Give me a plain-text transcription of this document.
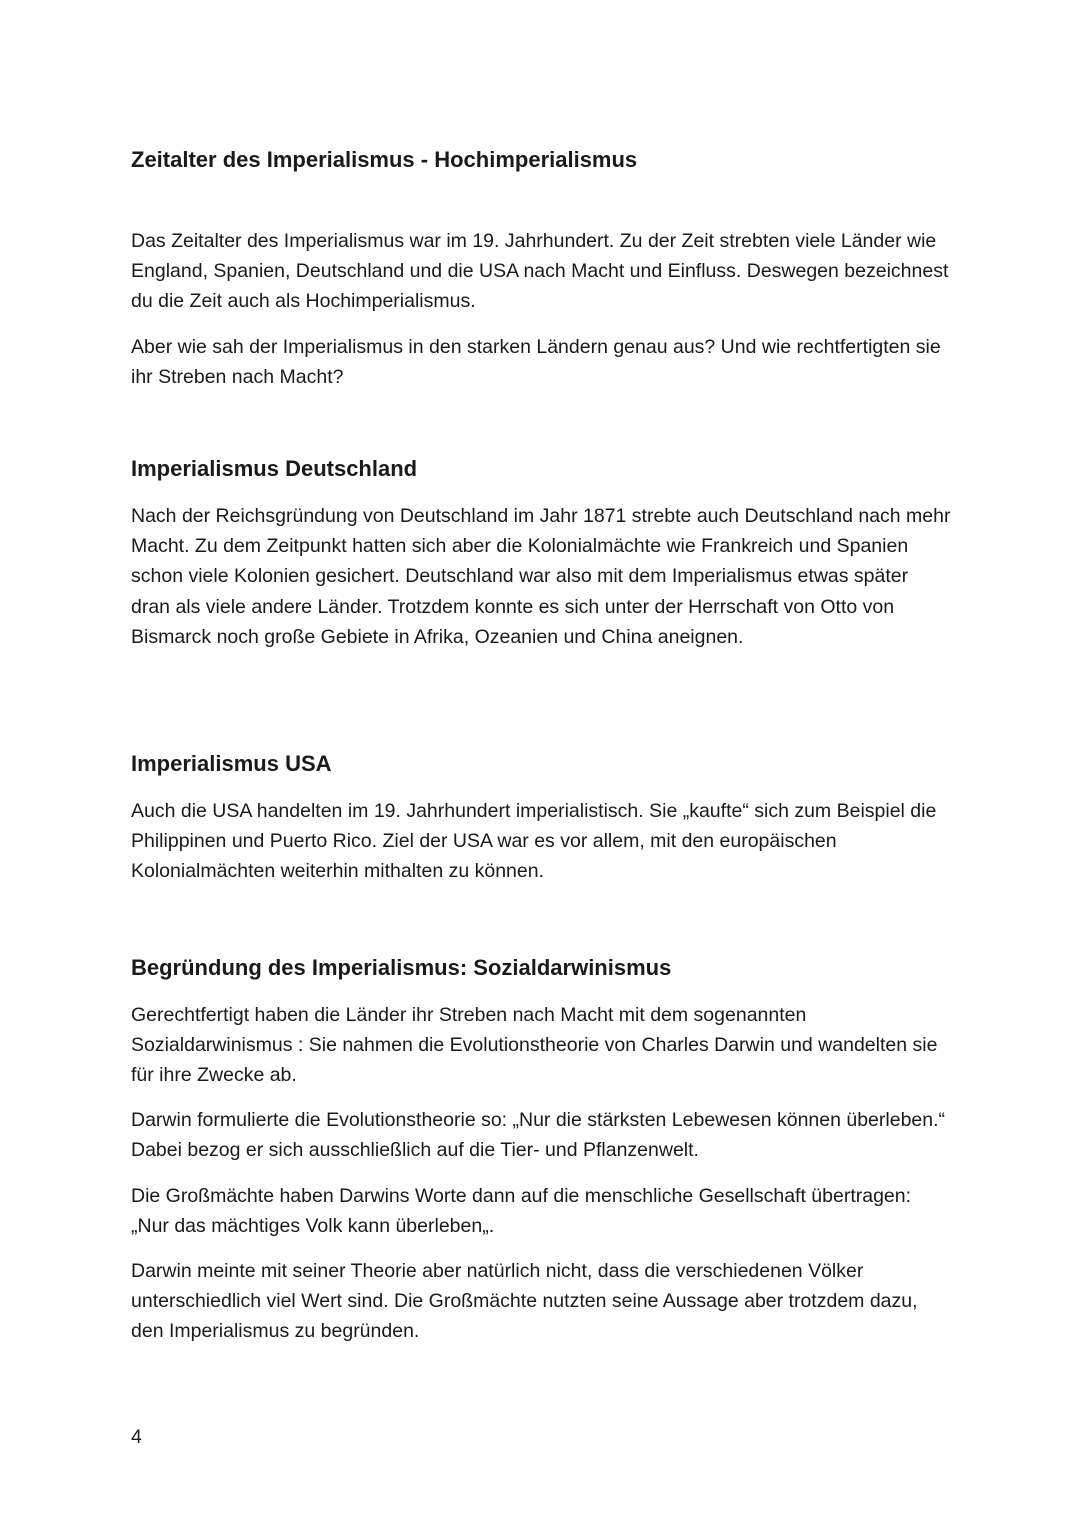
Zeitalter des Imperialismus - Hochimperialismus

Das Zeitalter des Imperialismus war im 19. Jahrhundert. Zu der Zeit strebten viele Länder wie England, Spanien, Deutschland und die USA nach Macht und Einfluss. Deswegen bezeichnest du die Zeit auch als Hochimperialismus.

Aber wie sah der Imperialismus in den starken Ländern genau aus? Und wie rechtfertigten sie ihr Streben nach Macht?

Imperialismus Deutschland

Nach der Reichsgründung von Deutschland im Jahr 1871 strebte auch Deutschland nach mehr Macht. Zu dem Zeitpunkt hatten sich aber die Kolonialmächte wie Frankreich und Spanien schon viele Kolonien gesichert. Deutschland war also mit dem Imperialismus etwas später dran als viele andere Länder. Trotzdem konnte es sich unter der Herrschaft von Otto von Bismarck noch große Gebiete in Afrika, Ozeanien und China aneignen.

Imperialismus USA

Auch die USA handelten im 19. Jahrhundert imperialistisch. Sie „kaufte“ sich zum Beispiel die Philippinen und Puerto Rico. Ziel der USA war es vor allem, mit den europäischen Kolonialmächten weiterhin mithalten zu können.

Begründung des Imperialismus: Sozialdarwinismus

Gerechtfertigt haben die Länder ihr Streben nach Macht mit dem sogenannten Sozialdarwinismus : Sie nahmen die Evolutionstheorie von Charles Darwin und wandelten sie für ihre Zwecke ab.

Darwin formulierte die Evolutionstheorie so: „Nur die stärksten Lebewesen können überleben.“ Dabei bezog er sich ausschließlich auf die Tier- und Pflanzenwelt.

Die Großmächte haben Darwins Worte dann auf die menschliche Gesellschaft übertragen: „Nur das mächtiges Volk kann überleben„.

Darwin meinte mit seiner Theorie aber natürlich nicht, dass die verschiedenen Völker unterschiedlich viel Wert sind. Die Großmächte nutzten seine Aussage aber trotzdem dazu, den Imperialismus zu begründen.

4
